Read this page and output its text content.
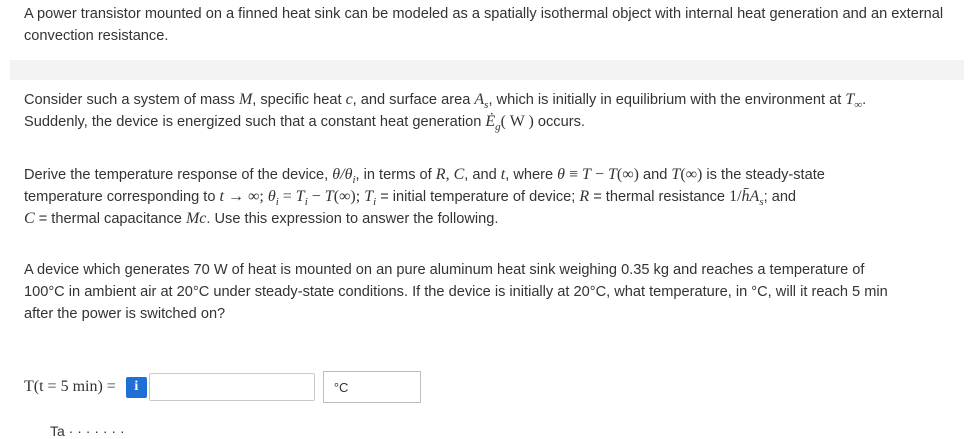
A power transistor mounted on a finned heat sink can be modeled as a spatially isothermal object with internal heat generation and an external convection resistance.
Consider such a system of mass M, specific heat c, and surface area $A_s$, which is initially in equilibrium with the environment at $T_\infty$.
Suddenly, the device is energized such that a constant heat generation $Ė_g$( W ) occurs.
Derive the temperature response of the device, $\theta/\theta_i$, in terms of R, C, and t, where θ ≡ T − T(∞) and T(∞) is the steady-state
temperature corresponding to t → ∞; $\theta_i = T_i - T(\infty)$; $T_i$ = initial temperature of device; R = thermal resistance $1/h̄A_s$; and
C = thermal capacitance Mc. Use this expression to answer the following.
A device which generates 70 W of heat is mounted on an pure aluminum heat sink weighing 0.35 kg and reaches a temperature of
100°C in ambient air at 20°C under steady-state conditions. If the device is initially at 20°C, what temperature, in °C, will it reach 5 min
after the power is switched on?
T(t = 5 min) =	i	°C
Ta · · · · · · ·
